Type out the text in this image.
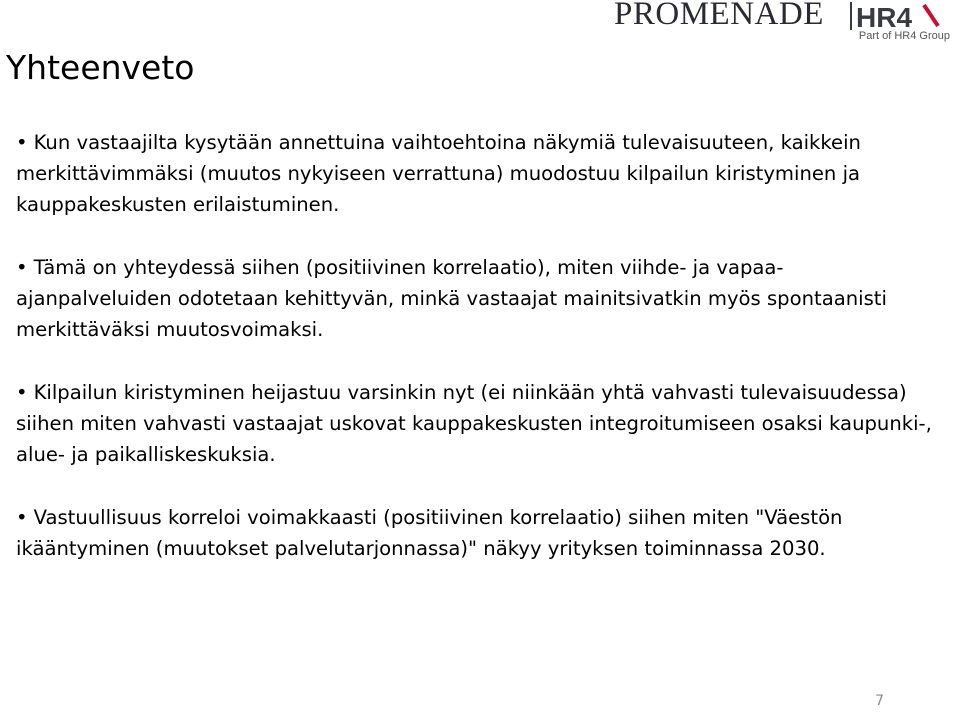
PROMENADE HR4
Part of HR4 Group
Yhteenveto
• Kun vastaajilta kysytään annettuina vaihtoehtoina näkymiä tulevaisuuteen, kaikkein merkittävimmäksi (muutos nykyiseen verrattuna) muodostuu kilpailun kiristyminen ja kauppakeskusten erilaistuminen.
• Tämä on yhteydessä siihen (positiivinen korrelaatio), miten viihde- ja vapaa-ajanpalveluiden odotetaan kehittyvän, minkä vastaajat mainitsivatkin myös spontaanisti merkittäväksi muutosvoimaksi.
• Kilpailun kiristyminen heijastuu varsinkin nyt (ei niinkään yhtä vahvasti tulevaisuudessa) siihen miten vahvasti vastaajat uskovat kauppakeskusten integroitumiseen osaksi kaupunki-, alue- ja paikalliskeskuksia.
• Vastuullisuus korreloi voimakkaasti (positiivinen korrelaatio) siihen miten "Väestön ikääntyminen (muutokset palvelutarjonnassa)" näkyy yrityksen toiminnassa 2030.
7
